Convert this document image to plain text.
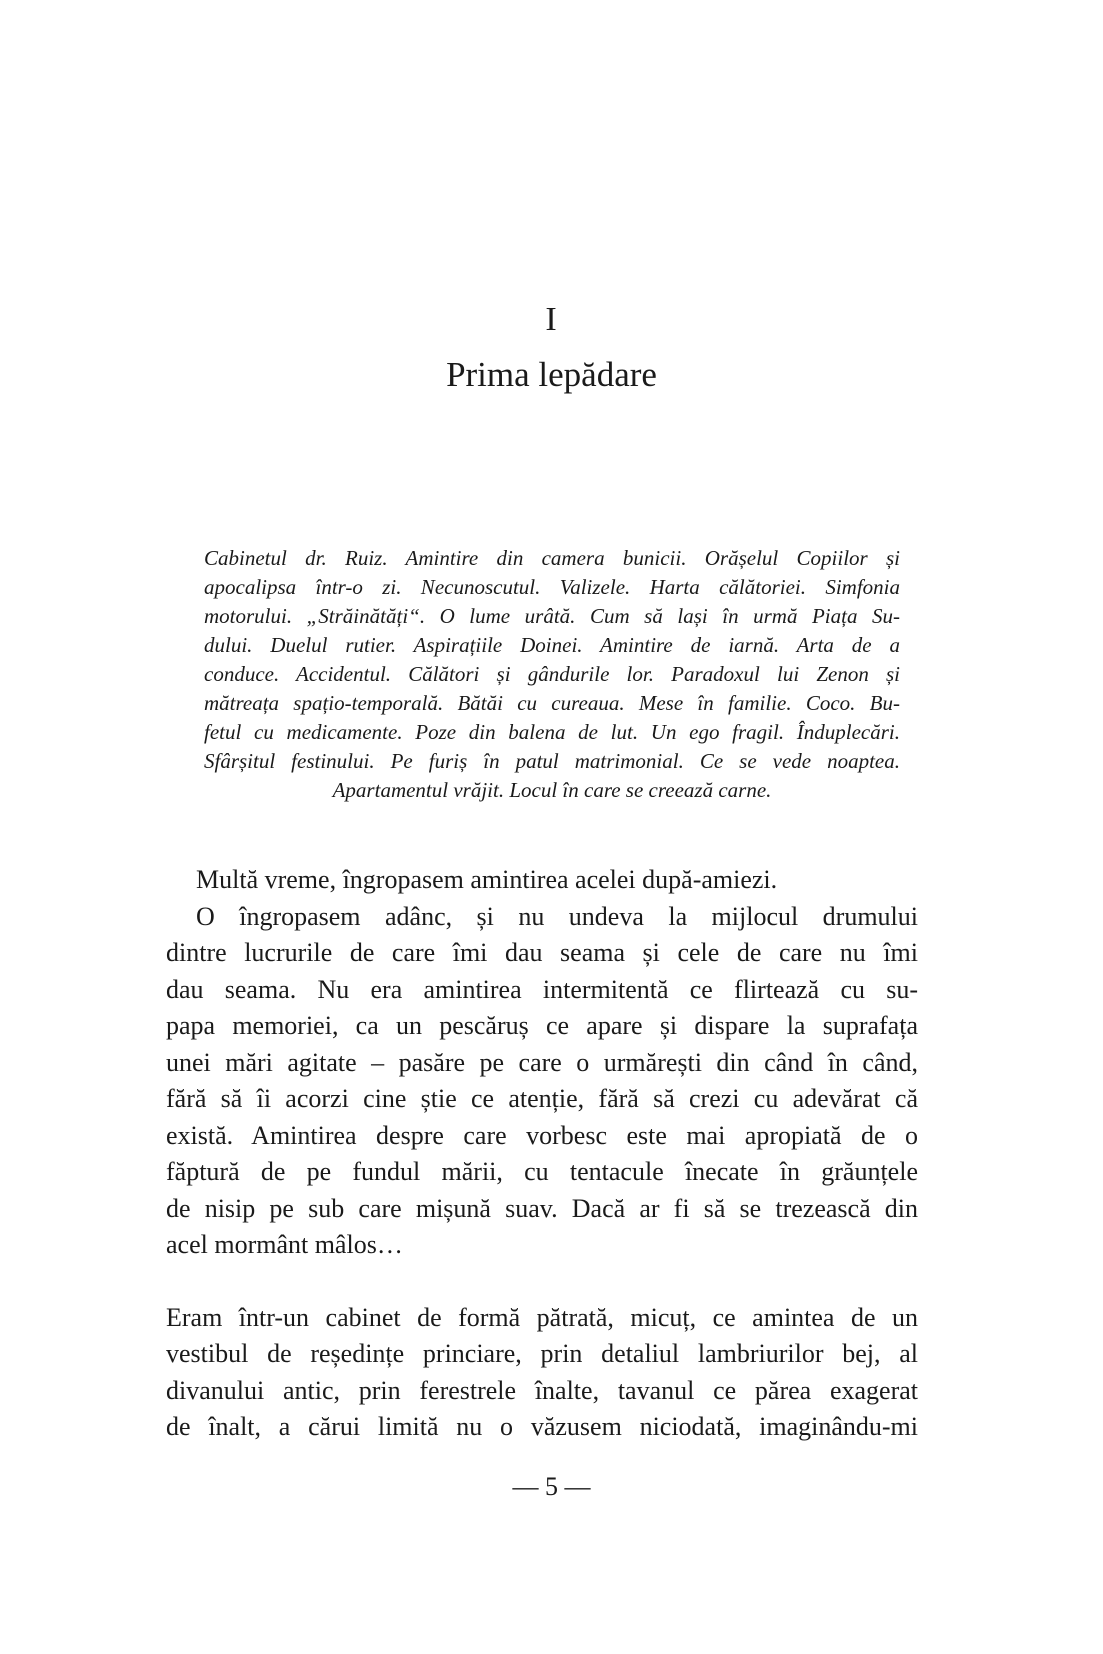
I
Prima lepădare
Cabinetul dr. Ruiz. Amintire din camera bunicii. Orășelul Copiilor și
apocalipsa într-o zi. Necunoscutul. Valizele. Harta călătoriei. Simfonia
motorului. „Străinătăți“. O lume urâtă. Cum să lași în urmă Piața Su-
dului. Duelul rutier. Aspirațiile Doinei. Amintire de iarnă. Arta de a
conduce. Accidentul. Călători și gândurile lor. Paradoxul lui Zenon și
mătreața spațio-temporală. Bătăi cu cureaua. Mese în familie. Coco. Bu-
fetul cu medicamente. Poze din balena de lut. Un ego fragil. Înduplecări.
Sfârșitul festinului. Pe furiș în patul matrimonial. Ce se vede noaptea.
Apartamentul vrăjit. Locul în care se creează carne.
Multă vreme, îngropasem amintirea acelei după-amiezi.
O îngropasem adânc, și nu undeva la mijlocul drumului
dintre lucrurile de care îmi dau seama și cele de care nu îmi
dau seama. Nu era amintirea intermitentă ce flirtează cu su-
papa memoriei, ca un pescăruș ce apare și dispare la suprafața
unei mări agitate – pasăre pe care o urmărești din când în când,
fără să îi acorzi cine știe ce atenție, fără să crezi cu adevărat că
există. Amintirea despre care vorbesc este mai apropiată de o
făptură de pe fundul mării, cu tentacule înecate în grăunțele
de nisip pe sub care mișună suav. Dacă ar fi să se trezească din
acel mormânt mâlos…
Eram într-un cabinet de formă pătrată, micuț, ce amintea de un
vestibul de reședințe princiare, prin detaliul lambriurilor bej, al
divanului antic, prin ferestrele înalte, tavanul ce părea exagerat
de înalt, a cărui limită nu o văzusem niciodată, imaginându-mi
— 5 —
